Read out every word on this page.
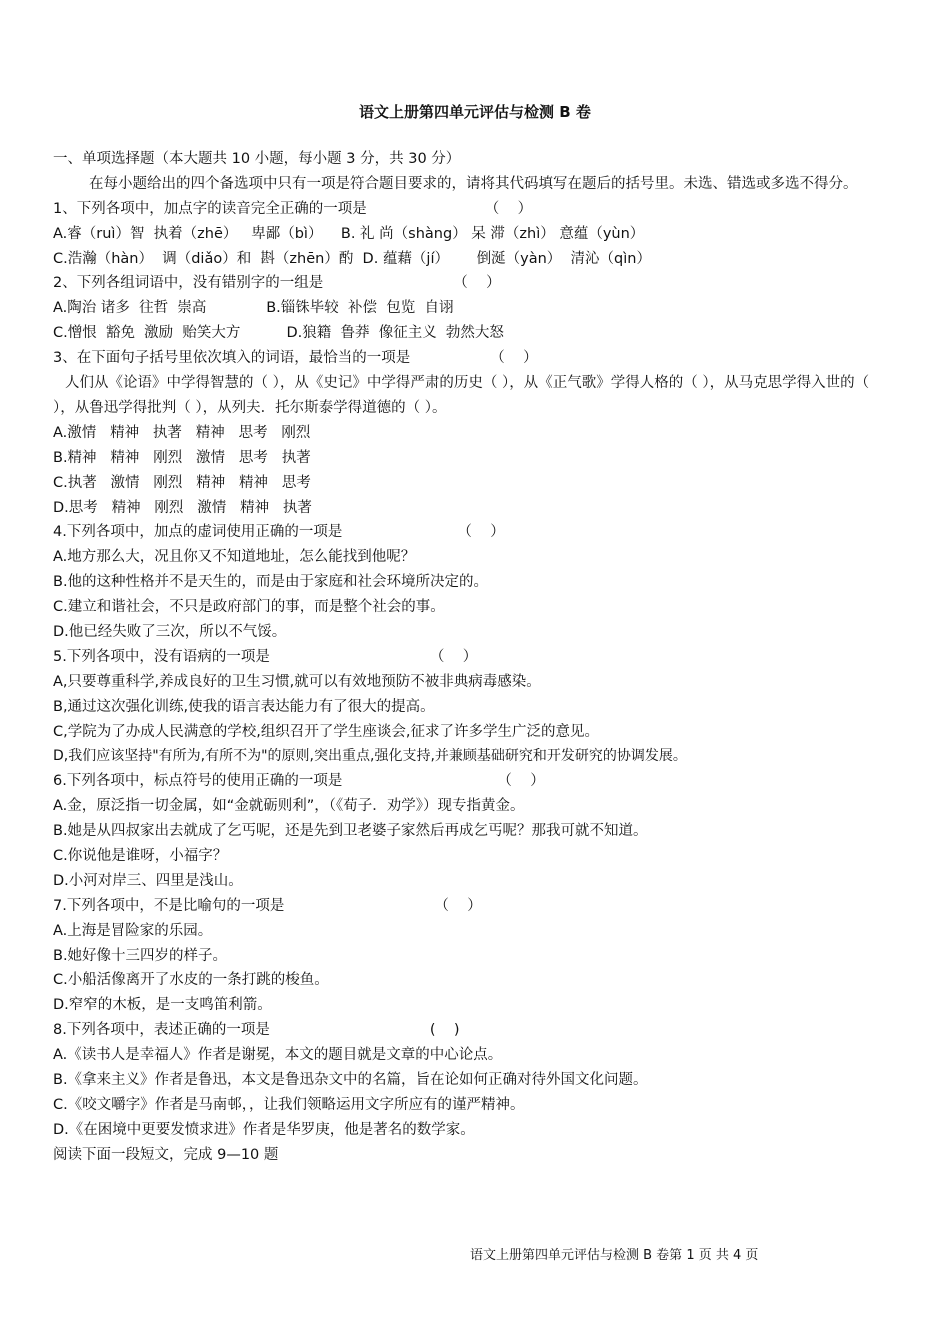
语文上册第四单元评估与检测 B 卷
一、单项选择题（本大题共 10 小题，每小题 3 分，共 30 分）
在每小题给出的四个备选项中只有一项是符合题目要求的，请将其代码填写在题后的括号里。未选、错选或多选不得分。
1、下列各项中，加点字的读音完全正确的一项是	（    ）
A.睿（ruì）智  执着（zhē）   卑鄙（bì）    B. 礼 尚（shàng） 呆 滞（zhì） 意蕴（yùn）
C.浩瀚（hàn）  调（diǎo）和  斟（zhēn）酌  D. 蕴藉（jí）      倒涎（yàn）  清沁（qìn）
2、下列各组词语中，没有错别字的一组是	（    ）
A.陶治 诸多  往哲  崇高             B.锱铢毕较  补偿  包览  自诩
C.憎恨  豁免  激励  贻笑大方          D.狼籍  鲁莽  像征主义  勃然大怒
3、在下面句子括号里依次填入的词语，最恰当的一项是	（    ）
人们从《论语》中学得智慧的（ ），从《史记》中学得严肃的历史（ ），从《正气歌》学得人格的（ ），从马克思学得入世的（ ），从鲁迅学得批判（ ），从列夫．托尔斯泰学得道德的（ ）。
A.激情   精神   执著   精神   思考   刚烈
B.精神   精神   刚烈   激情   思考   执著
C.执著   激情   刚烈   精神   精神   思考
D.思考   精神   刚烈   激情   精神   执著
4.下列各项中，加点的虚词使用正确的一项是	（    ）
A.地方那么大，况且你又不知道地址，怎么能找到他呢？
B.他的这种性格并不是天生的，而是由于家庭和社会环境所决定的。
C.建立和谐社会，不只是政府部门的事，而是整个社会的事。
D.他已经失败了三次，所以不气馁。
5.下列各项中，没有语病的一项是	（    ）
A,只要尊重科学,养成良好的卫生习惯,就可以有效地预防不被非典病毒感染。
B,通过这次强化训练,使我的语言表达能力有了很大的提高。
C,学院为了办成人民满意的学校,组织召开了学生座谈会,征求了许多学生广泛的意见。
D,我们应该坚持"有所为,有所不为"的原则,突出重点,强化支持,并兼顾基础研究和开发研究的协调发展。
6.下列各项中，标点符号的使用正确的一项是	（    ）
A.金，原泛指一切金属，如“金就砺则利”，（《荀子．劝学》）现专指黄金。
B.她是从四叔家出去就成了乞丐呢，还是先到卫老婆子家然后再成乞丐呢？那我可就不知道。
C.你说他是谁呀，小福字？
D.小河对岸三、四里是浅山。
7.下列各项中，不是比喻句的一项是	（    ）
A.上海是冒险家的乐园。
B.她好像十三四岁的样子。
C.小船活像离开了水皮的一条打跳的梭鱼。
D.窄窄的木板，是一支鸣笛利箭。
8.下列各项中，表述正确的一项是	(    )
A.《读书人是幸福人》作者是谢冕，本文的题目就是文章的中心论点。
B.《拿来主义》作者是鲁迅，本文是鲁迅杂文中的名篇，旨在论如何正确对待外国文化问题。
C.《咬文嚼字》作者是马南邨，，让我们领略运用文字所应有的谨严精神。
D.《在困境中更要发愤求进》作者是华罗庚，他是著名的数学家。
阅读下面一段短文，完成 9—10 题
语文上册第四单元评估与检测 B 卷第 1 页 共 4 页
